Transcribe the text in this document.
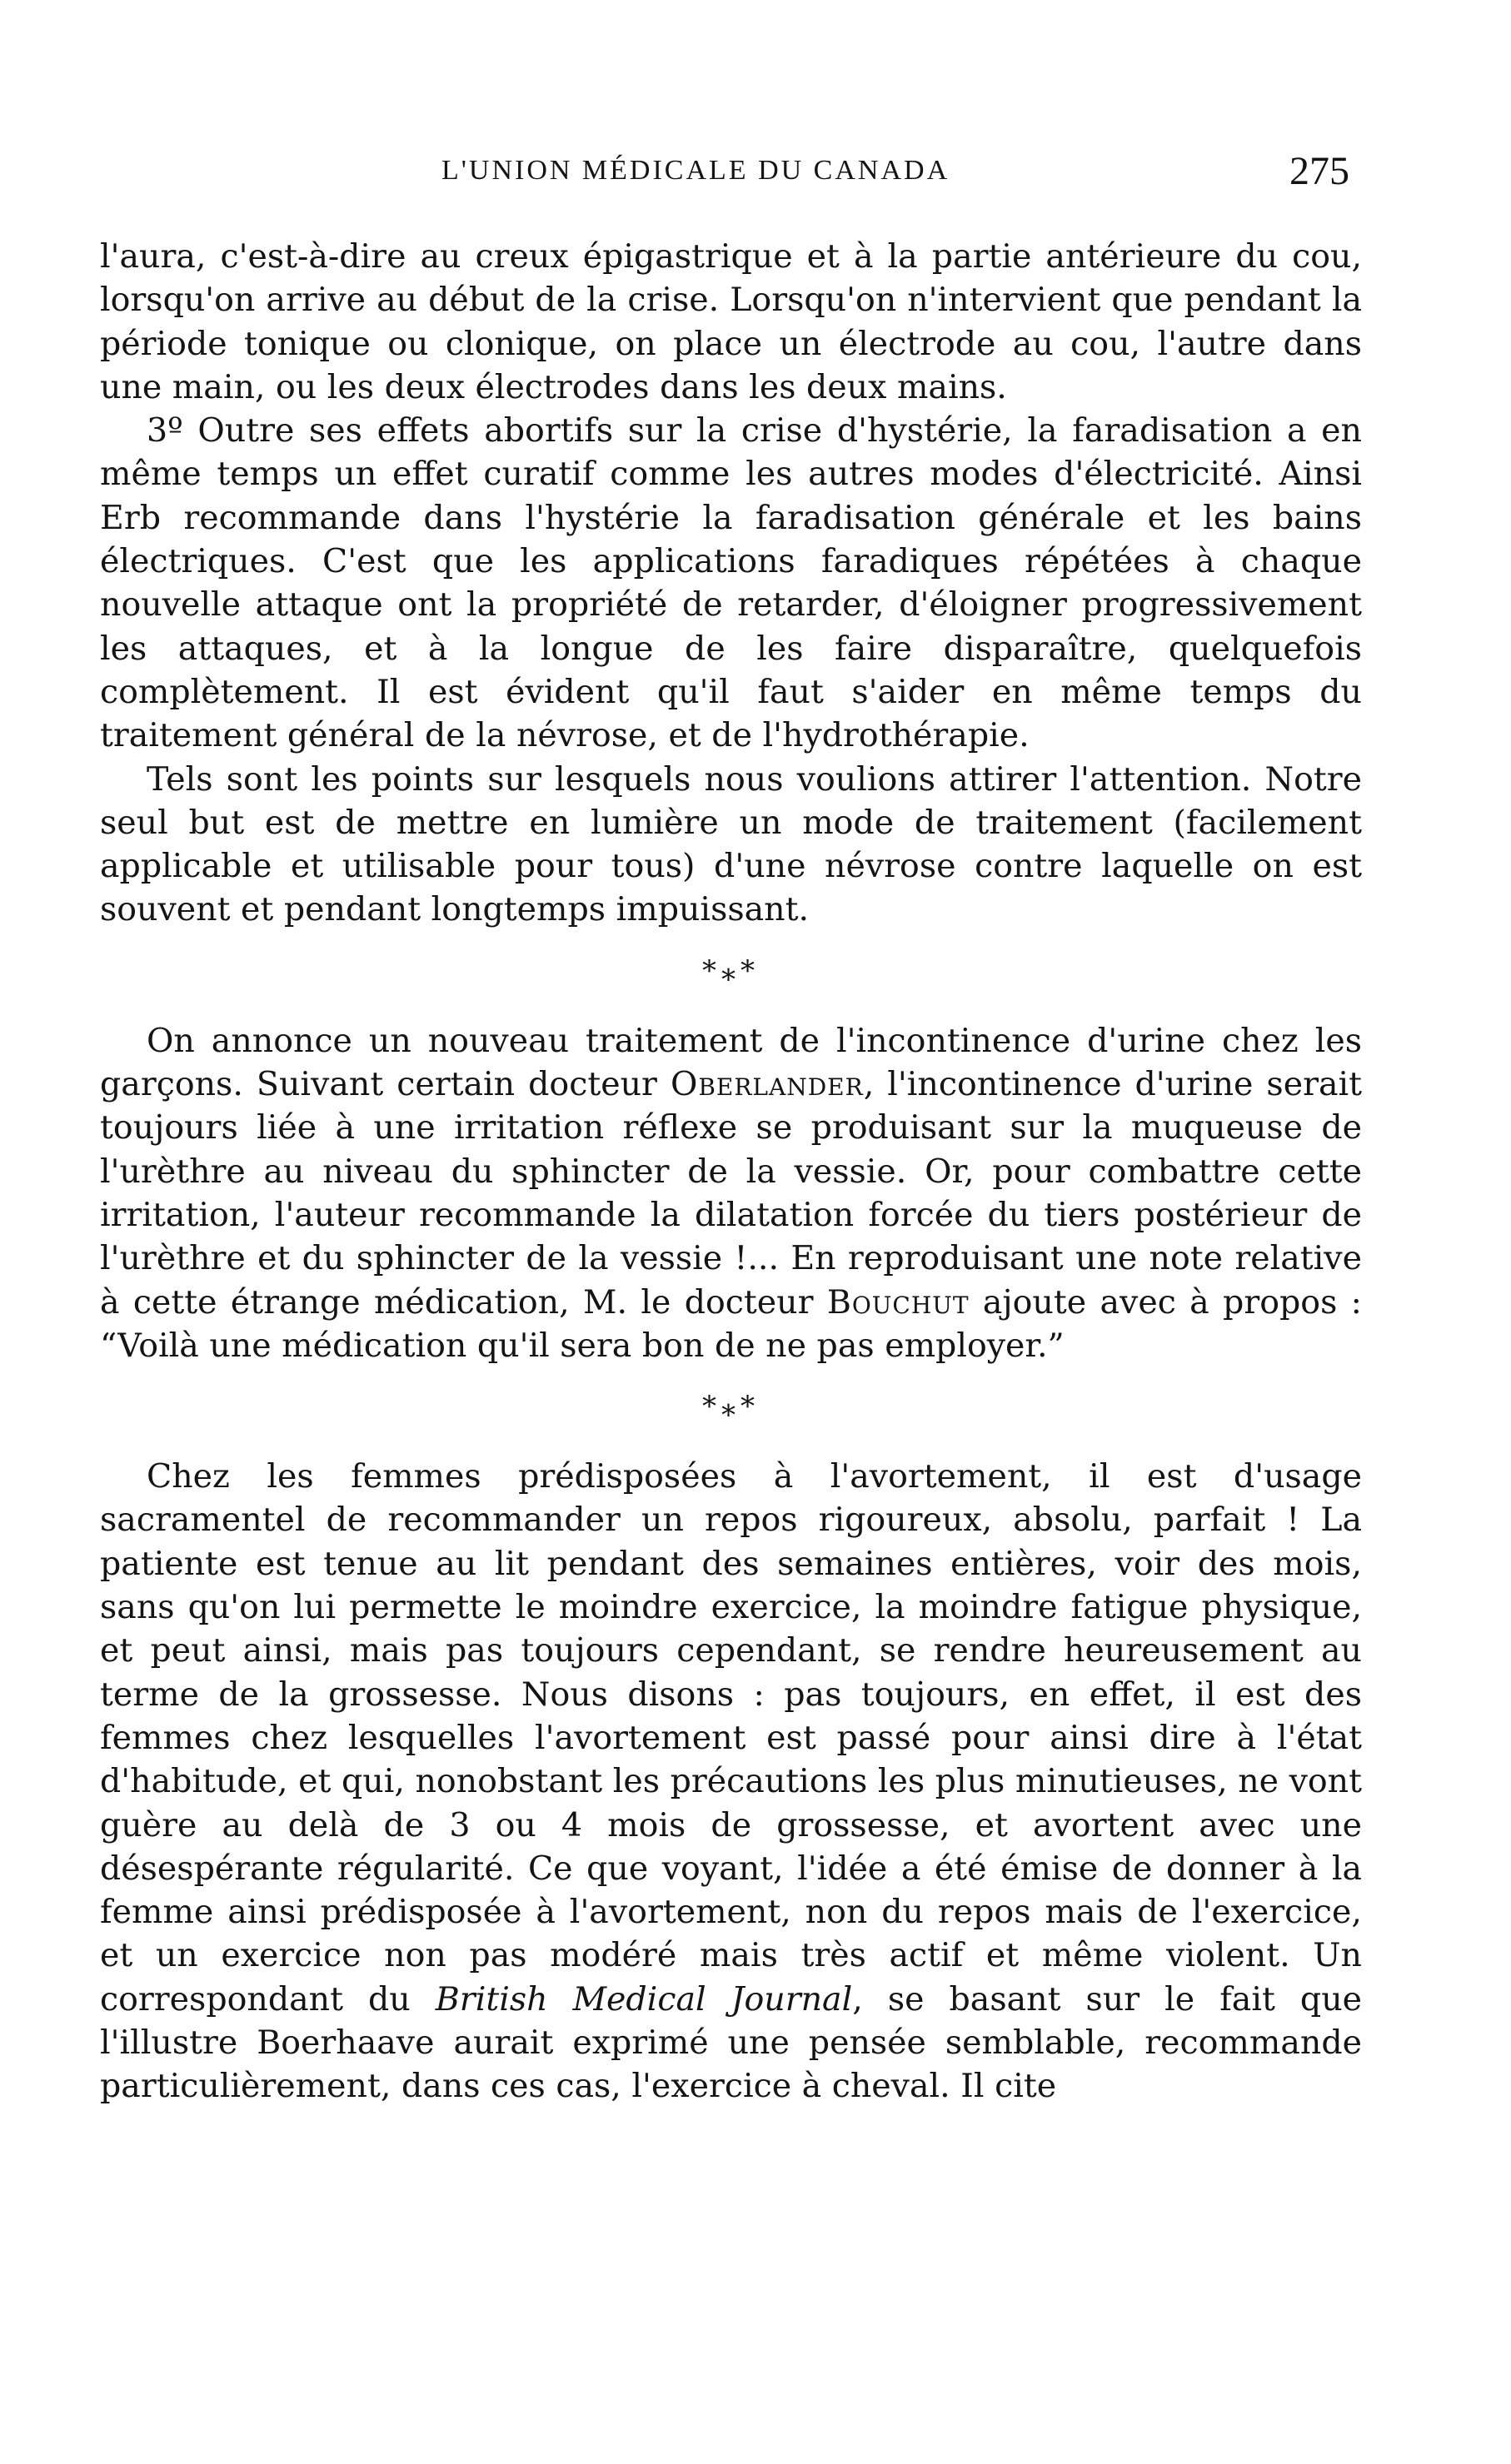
L'UNION MÉDICALE DU CANADA	275

l'aura, c'est-à-dire au creux épigastrique et à la partie antérieure du cou, lorsqu'on arrive au début de la crise. Lorsqu'on n'intervient que pendant la période tonique ou clonique, on place un électrode au cou, l'autre dans une main, ou les deux électrodes dans les deux mains.

3º Outre ses effets abortifs sur la crise d'hystérie, la faradisation a en même temps un effet curatif comme les autres modes d'électricité. Ainsi Erb recommande dans l'hystérie la faradisation générale et les bains électriques. C'est que les applications faradiques répétées à chaque nouvelle attaque ont la propriété de retarder, d'éloigner progressivement les attaques, et à la longue de les faire disparaître, quelquefois complètement. Il est évident qu'il faut s'aider en même temps du traitement général de la névrose, et de l'hydrothérapie.

Tels sont les points sur lesquels nous voulions attirer l'attention. Notre seul but est de mettre en lumière un mode de traitement (facilement applicable et utilisable pour tous) d'une névrose contre laquelle on est souvent et pendant longtemps impuissant.

*⁎*

On annonce un nouveau traitement de l'incontinence d'urine chez les garçons. Suivant certain docteur Oberlander, l'incontinence d'urine serait toujours liée à une irritation réflexe se produisant sur la muqueuse de l'urèthre au niveau du sphincter de la vessie. Or, pour combattre cette irritation, l'auteur recommande la dilatation forcée du tiers postérieur de l'urèthre et du sphincter de la vessie !... En reproduisant une note relative à cette étrange médication, M. le docteur Bouchut ajoute avec à propos : “Voilà une médication qu'il sera bon de ne pas employer.”

*⁎*

Chez les femmes prédisposées à l'avortement, il est d'usage sacramentel de recommander un repos rigoureux, absolu, parfait ! La patiente est tenue au lit pendant des semaines entières, voir des mois, sans qu'on lui permette le moindre exercice, la moindre fatigue physique, et peut ainsi, mais pas toujours cependant, se rendre heureusement au terme de la grossesse. Nous disons : pas toujours, en effet, il est des femmes chez lesquelles l'avortement est passé pour ainsi dire à l'état d'habitude, et qui, nonobstant les précautions les plus minutieuses, ne vont guère au delà de 3 ou 4 mois de grossesse, et avortent avec une désespérante régularité. Ce que voyant, l'idée a été émise de donner à la femme ainsi prédisposée à l'avortement, non du repos mais de l'exercice, et un exercice non pas modéré mais très actif et même violent. Un correspondant du British Medical Journal, se basant sur le fait que l'illustre Boerhaave aurait exprimé une pensée semblable, recommande particulièrement, dans ces cas, l'exercice à cheval. Il cite
